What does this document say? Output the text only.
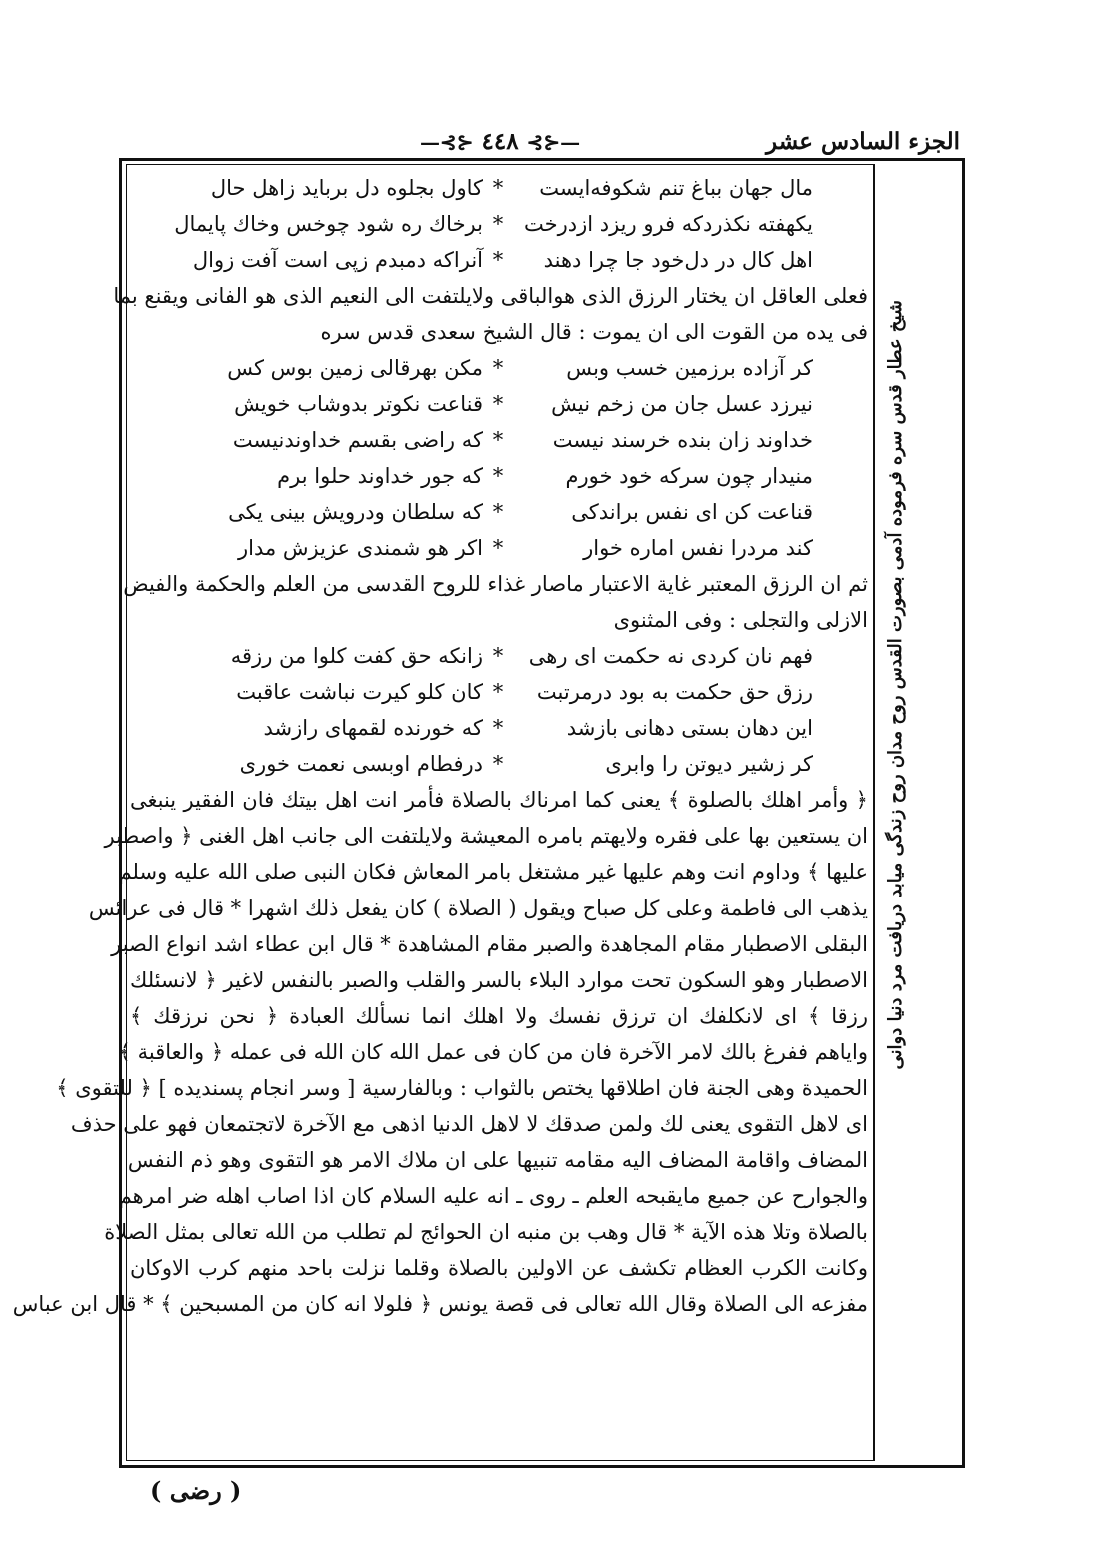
الجزء السادس عشر
—⊰⊱ ٤٤٨ ⊰⊱—
شيخ عطار قدس سره فرموده آدمى بصورت القدس روح مدان روح زندگى ميابد دريافت مرد دنيا دوانى
مال جهان بباغ تنم شكوفه‌ايست
*
كاول بجلوه دل بربايد زاهل حال
يكهفته نكذردكه فرو ريزد ازدرخت
*
برخاك ره شود چوخس وخاك پايمال
اهل كال در دل‌خود جا چرا دهند
*
آنراكه دمبدم زپى است آفت زوال
فعلى العاقل ان يختار الرزق الذى هوالباقى ولايلتفت الى النعيم الذى هو الفانى ويقنع بما
فى يده من القوت الى ان يموت : قال الشيخ سعدى قدس سره
كر آزاده برزمين خسب وبس
*
مكن بهرقالى زمين بوس كس
نيرزد عسل جان من زخم نيش
*
قناعت نكوتر بدوشاب خويش
خداوند زان بنده خرسند نيست
*
كه راضى بقسم خداوندنيست
منيدار چون سركه خود خورم
*
كه جور خداوند حلوا برم
قناعت كن اى نفس براندكى
*
كه سلطان ودرويش بينى يكى
كند مردرا نفس اماره خوار
*
اكر هو شمندى عزيزش مدار
ثم ان الرزق المعتبر غاية الاعتبار ماصار غذاء للروح القدسى من العلم والحكمة والفيض
الازلى والتجلى : وفى المثنوى
فهم نان كردى نه حكمت اى رهى
*
زانكه حق كفت كلوا من رزقه
رزق حق حكمت به بود درمرتبت
*
كان كلو كيرت نباشت عاقبت
اين دهان بستى دهانى بازشد
*
كه خورنده لقمهاى رازشد
كر زشير ديوتن را وابرى
*
درفطام اوبسى نعمت خورى
﴿ وأمر اهلك بالصلوة ﴾ يعنى كما امرناك بالصلاة فأمر انت اهل بيتك فان الفقير ينبغى
ان يستعين بها على فقره ولايهتم بامره المعيشة ولايلتفت الى جانب اهل الغنى ﴿ واصطبر
عليها ﴾ وداوم انت وهم عليها غير مشتغل بامر المعاش فكان النبى صلى الله عليه وسلم
يذهب الى فاطمة وعلى كل صباح ويقول ( الصلاة ) كان يفعل ذلك اشهرا * قال فى عرائس
البقلى الاصطبار مقام المجاهدة والصبر مقام المشاهدة * قال ابن عطاء اشد انواع الصبر
الاصطبار وهو السكون تحت موارد البلاء بالسر والقلب والصبر بالنفس لاغير ﴿ لانسئلك
رزقا ﴾ اى لانكلفك ان ترزق نفسك ولا اهلك انما نسألك العبادة ﴿ نحن نرزقك ﴾
واياهم ففرغ بالك لامر الآخرة فان من كان فى عمل الله كان الله فى عمله ﴿ والعاقبة ﴾
الحميدة وهى الجنة فان اطلاقها يختص بالثواب : وبالفارسية [ وسر انجام پسنديده ] ﴿ للتقوى ﴾
اى لاهل التقوى يعنى لك ولمن صدقك لا لاهل الدنيا اذهى مع الآخرة لاتجتمعان فهو على حذف
المضاف واقامة المضاف اليه مقامه تنبيها على ان ملاك الامر هو التقوى وهو ذم النفس
والجوارح عن جميع مايقبحه العلم ـ روى ـ انه عليه السلام كان اذا اصاب اهله ضر امرهم
بالصلاة وتلا هذه الآية * قال وهب بن منبه ان الحوائج لم تطلب من الله تعالى بمثل الصلاة
وكانت الكرب العظام تكشف عن الاولين بالصلاة وقلما نزلت باحد منهم كرب الاوكان
مفزعه الى الصلاة وقال الله تعالى فى قصة يونس ﴿ فلولا انه كان من المسبحين ﴾ * قال ابن عباس
( رضى )
